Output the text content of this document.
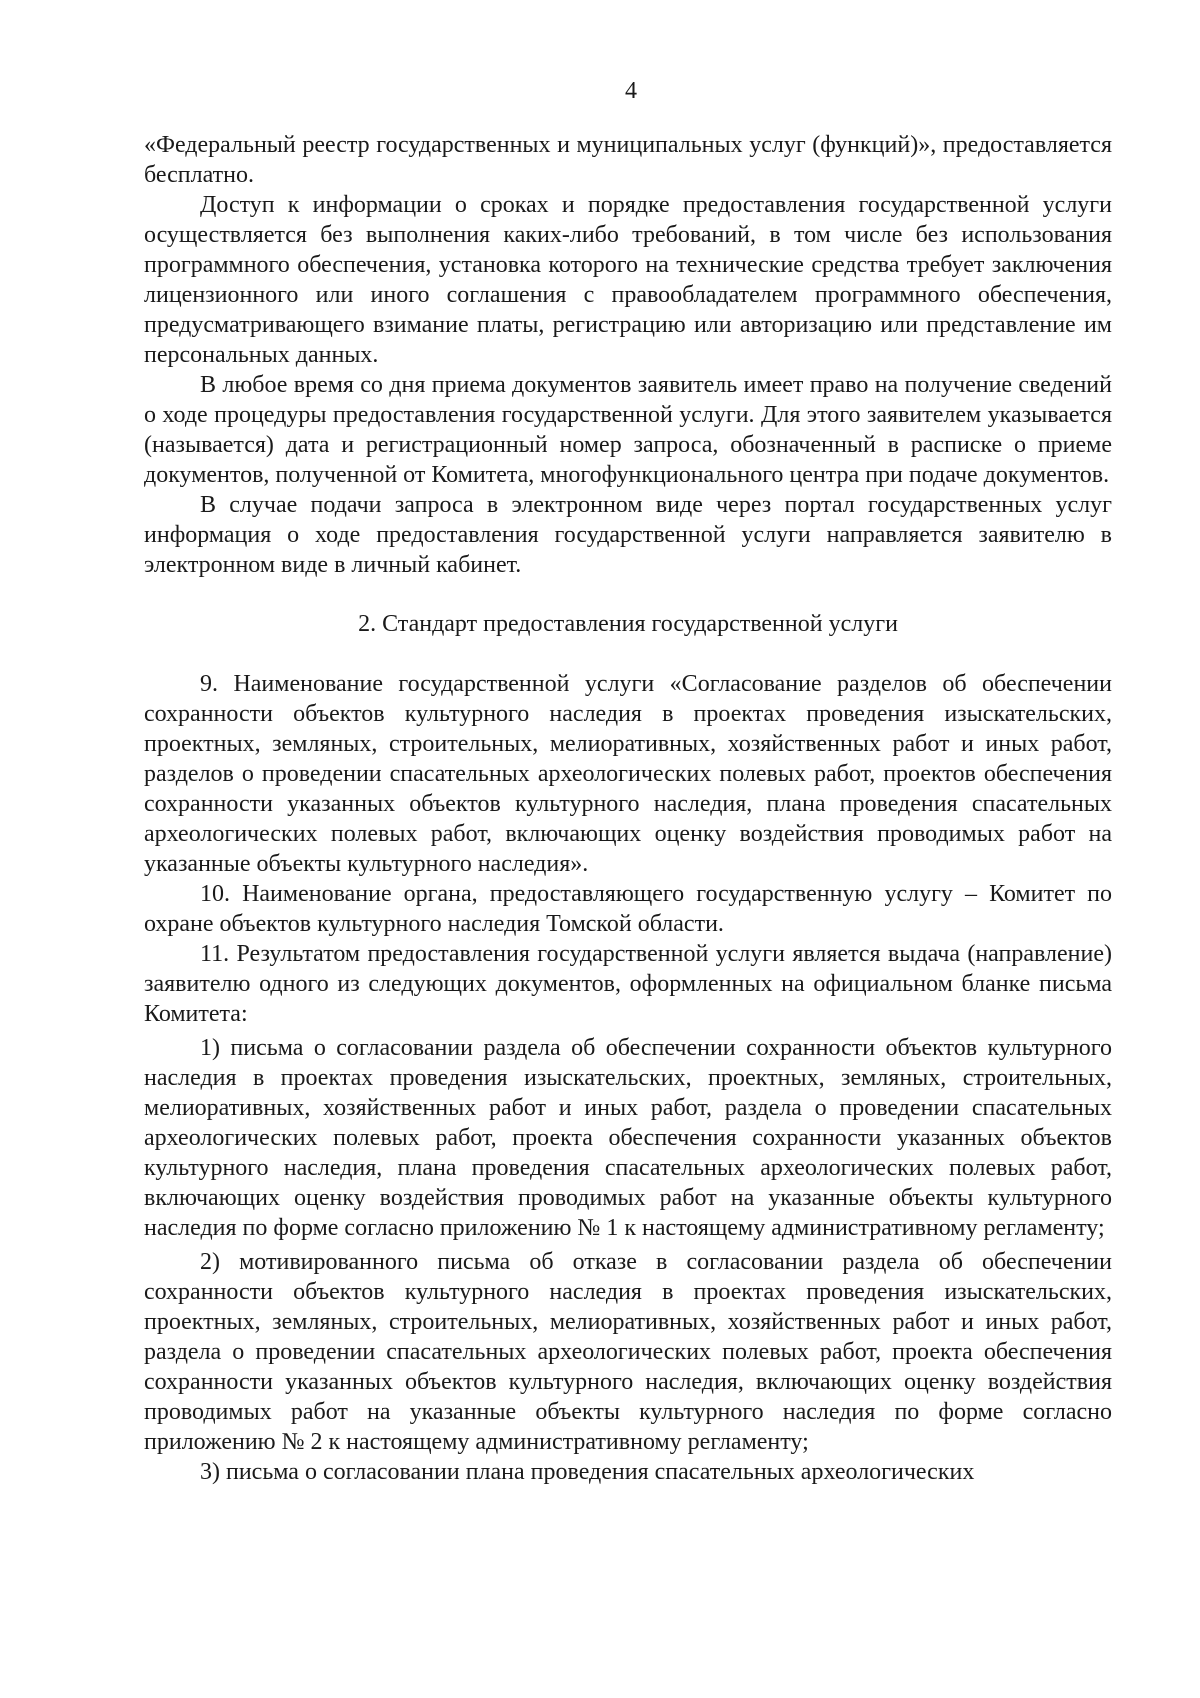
4

«Федеральный реестр государственных и муниципальных услуг (функций)», предоставляется бесплатно.

Доступ к информации о сроках и порядке предоставления государственной услуги осуществляется без выполнения каких-либо требований, в том числе без использования программного обеспечения, установка которого на технические средства требует заключения лицензионного или иного соглашения с правообладателем программного обеспечения, предусматривающего взимание платы, регистрацию или авторизацию или представление им персональных данных.

В любое время со дня приема документов заявитель имеет право на получение сведений о ходе процедуры предоставления государственной услуги. Для этого заявителем указывается (называется) дата и регистрационный номер запроса, обозначенный в расписке о приеме документов, полученной от Комитета, многофункционального центра при подаче документов.

В случае подачи запроса в электронном виде через портал государственных услуг информация о ходе предоставления государственной услуги направляется заявителю в электронном виде в личный кабинет.

2. Стандарт предоставления государственной услуги

9. Наименование государственной услуги «Согласование разделов об обеспечении сохранности объектов культурного наследия в проектах проведения изыскательских, проектных, земляных, строительных, мелиоративных, хозяйственных работ и иных работ, разделов о проведении спасательных археологических полевых работ, проектов обеспечения сохранности указанных объектов культурного наследия, плана проведения спасательных археологических полевых работ, включающих оценку воздействия проводимых работ на указанные объекты культурного наследия».

10. Наименование органа, предоставляющего государственную услугу – Комитет по охране объектов культурного наследия Томской области.

11. Результатом предоставления государственной услуги является выдача (направление) заявителю одного из следующих документов, оформленных на официальном бланке письма Комитета:

1) письма о согласовании раздела об обеспечении сохранности объектов культурного наследия в проектах проведения изыскательских, проектных, земляных, строительных, мелиоративных, хозяйственных работ и иных работ, раздела о проведении спасательных археологических полевых работ, проекта обеспечения сохранности указанных объектов культурного наследия, плана проведения спасательных археологических полевых работ, включающих оценку воздействия проводимых работ на указанные объекты культурного наследия по форме согласно приложению № 1 к настоящему административному регламенту;

2) мотивированного письма об отказе в согласовании раздела об обеспечении сохранности объектов культурного наследия в проектах проведения изыскательских, проектных, земляных, строительных, мелиоративных, хозяйственных работ и иных работ, раздела о проведении спасательных археологических полевых работ, проекта обеспечения сохранности указанных объектов культурного наследия, включающих оценку воздействия проводимых работ на указанные объекты культурного наследия по форме согласно приложению № 2 к настоящему административному регламенту;

3) письма о согласовании плана проведения спасательных археологических
